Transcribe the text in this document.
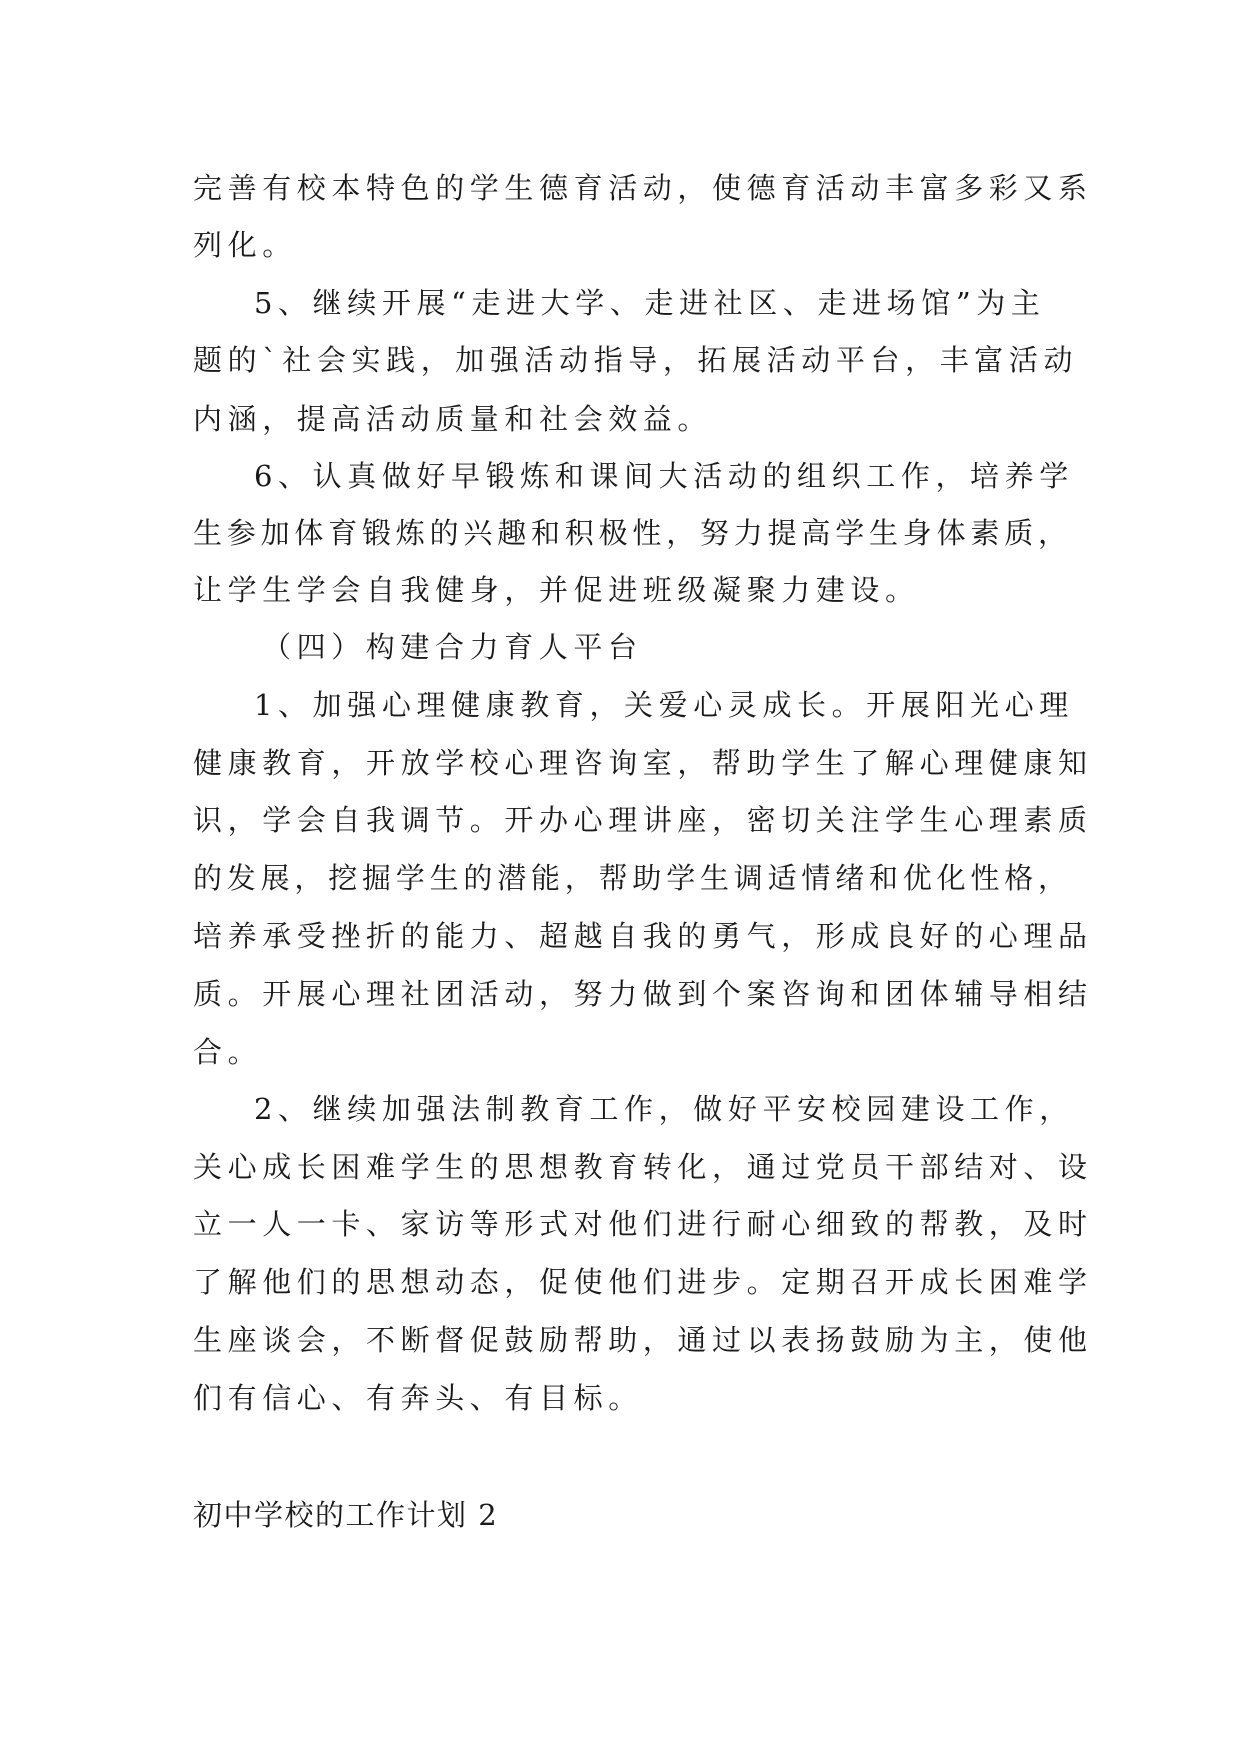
完善有校本特色的学生德育活动，使德育活动丰富多彩又系

列化。

5、继续开展“走进大学、走进社区、走进场馆”为主

题的`社会实践，加强活动指导，拓展活动平台，丰富活动

内涵，提高活动质量和社会效益。

6、认真做好早锻炼和课间大活动的组织工作，培养学

生参加体育锻炼的兴趣和积极性，努力提高学生身体素质，

让学生学会自我健身，并促进班级凝聚力建设。

（四）构建合力育人平台

1、加强心理健康教育，关爱心灵成长。开展阳光心理

健康教育，开放学校心理咨询室，帮助学生了解心理健康知

识，学会自我调节。开办心理讲座，密切关注学生心理素质

的发展，挖掘学生的潜能，帮助学生调适情绪和优化性格，

培养承受挫折的能力、超越自我的勇气，形成良好的心理品

质。开展心理社团活动，努力做到个案咨询和团体辅导相结

合。

2、继续加强法制教育工作，做好平安校园建设工作，

关心成长困难学生的思想教育转化，通过党员干部结对、设

立一人一卡、家访等形式对他们进行耐心细致的帮教，及时

了解他们的思想动态，促使他们进步。定期召开成长困难学

生座谈会，不断督促鼓励帮助，通过以表扬鼓励为主，使他

们有信心、有奔头、有目标。

初中学校的工作计划 2
